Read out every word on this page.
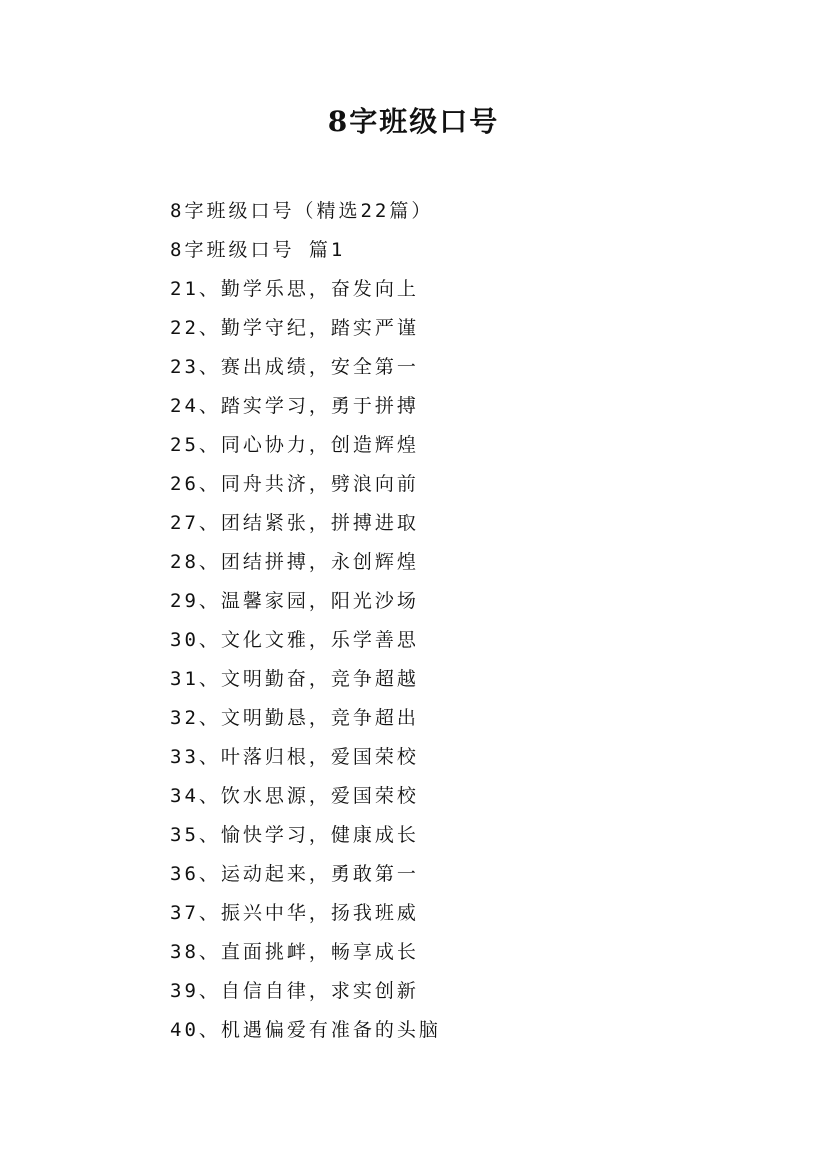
8字班级口号
8字班级口号（精选22篇）
8字班级口号 篇1
21、勤学乐思，奋发向上
22、勤学守纪，踏实严谨
23、赛出成绩，安全第一
24、踏实学习，勇于拼搏
25、同心协力，创造辉煌
26、同舟共济，劈浪向前
27、团结紧张，拼搏进取
28、团结拼搏，永创辉煌
29、温馨家园，阳光沙场
30、文化文雅，乐学善思
31、文明勤奋，竞争超越
32、文明勤恳，竞争超出
33、叶落归根，爱国荣校
34、饮水思源，爱国荣校
35、愉快学习，健康成长
36、运动起来，勇敢第一
37、振兴中华，扬我班威
38、直面挑衅，畅享成长
39、自信自律，求实创新
40、机遇偏爱有准备的头脑
